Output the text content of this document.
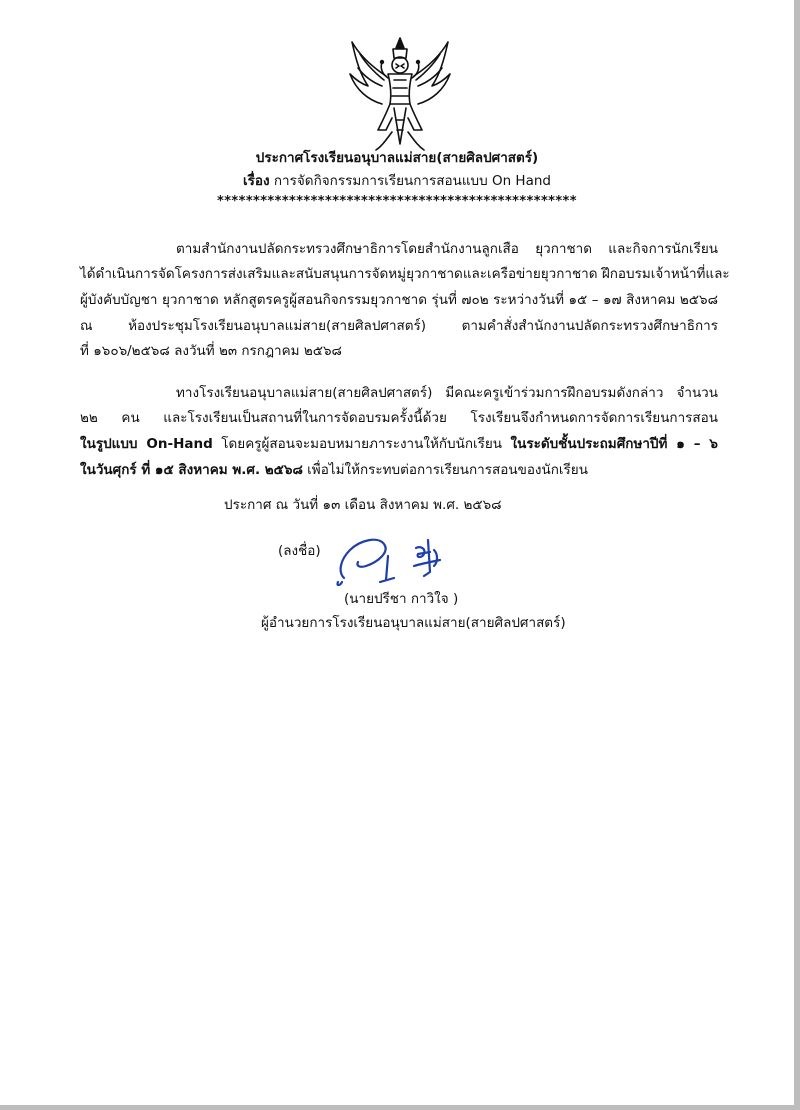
ประกาศโรงเรียนอนุบาลแม่สาย(สายศิลปศาสตร์)
เรื่อง การจัดกิจกรรมการเรียนการสอนแบบ On Hand
**************************************************
ตามสำนักงานปลัดกระทรวงศึกษาธิการโดยสำนักงานลูกเสือ ยุวกาชาด และกิจการนักเรียน
ได้ดำเนินการจัดโครงการส่งเสริมและสนับสนุนการจัดหมู่ยุวกาชาดและเครือข่ายยุวกาชาด ฝึกอบรมเจ้าหน้าที่และ
ผู้บังคับบัญชา ยุวกาชาด หลักสูตรครูผู้สอนกิจกรรมยุวกาชาด รุ่นที่ ๗๐๒ ระหว่างวันที่ ๑๕ – ๑๗ สิงหาคม ๒๕๖๘
ณ ห้องประชุมโรงเรียนอนุบาลแม่สาย(สายศิลปศาสตร์) ตามคำสั่งสำนักงานปลัดกระทรวงศึกษาธิการ
ที่ ๑๖๐๖/๒๕๖๘ ลงวันที่ ๒๓ กรกฎาคม ๒๕๖๘
ทางโรงเรียนอนุบาลแม่สาย(สายศิลปศาสตร์) มีคณะครูเข้าร่วมการฝึกอบรมดังกล่าว จำนวน
๒๒ คน และโรงเรียนเป็นสถานที่ในการจัดอบรมครั้งนี้ด้วย โรงเรียนจึงกำหนดการจัดการเรียนการสอน
ในรูปแบบ On-Hand โดยครูผู้สอนจะมอบหมายภาระงานให้กับนักเรียน ในระดับชั้นประถมศึกษาปีที่ ๑ – ๖
ในวันศุกร์ ที่ ๑๕ สิงหาคม พ.ศ. ๒๕๖๘ เพื่อไม่ให้กระทบต่อการเรียนการสอนของนักเรียน
ประกาศ ณ วันที่ ๑๓ เดือน สิงหาคม พ.ศ. ๒๕๖๘
(ลงชื่อ)
(นายปรีชา กาวิใจ )
ผู้อำนวยการโรงเรียนอนุบาลแม่สาย(สายศิลปศาสตร์)
